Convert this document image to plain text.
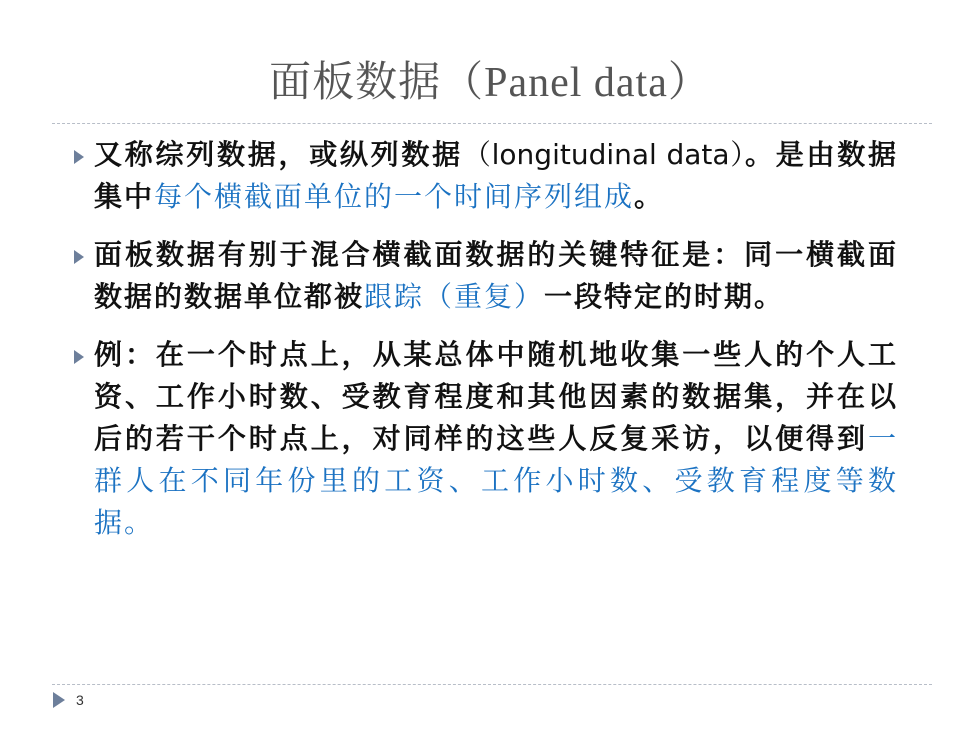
面板数据（Panel data）
又称综列数据，或纵列数据（longitudinal data）。是由数据集中每个横截面单位的一个时间序列组成。
面板数据有别于混合横截面数据的关键特征是：同一横截面数据的数据单位都被跟踪（重复）一段特定的时期。
例：在一个时点上，从某总体中随机地收集一些人的个人工资、工作小时数、受教育程度和其他因素的数据集，并在以后的若干个时点上，对同样的这些人反复采访，以便得到一群人在不同年份里的工资、工作小时数、受教育程度等数据。
3
